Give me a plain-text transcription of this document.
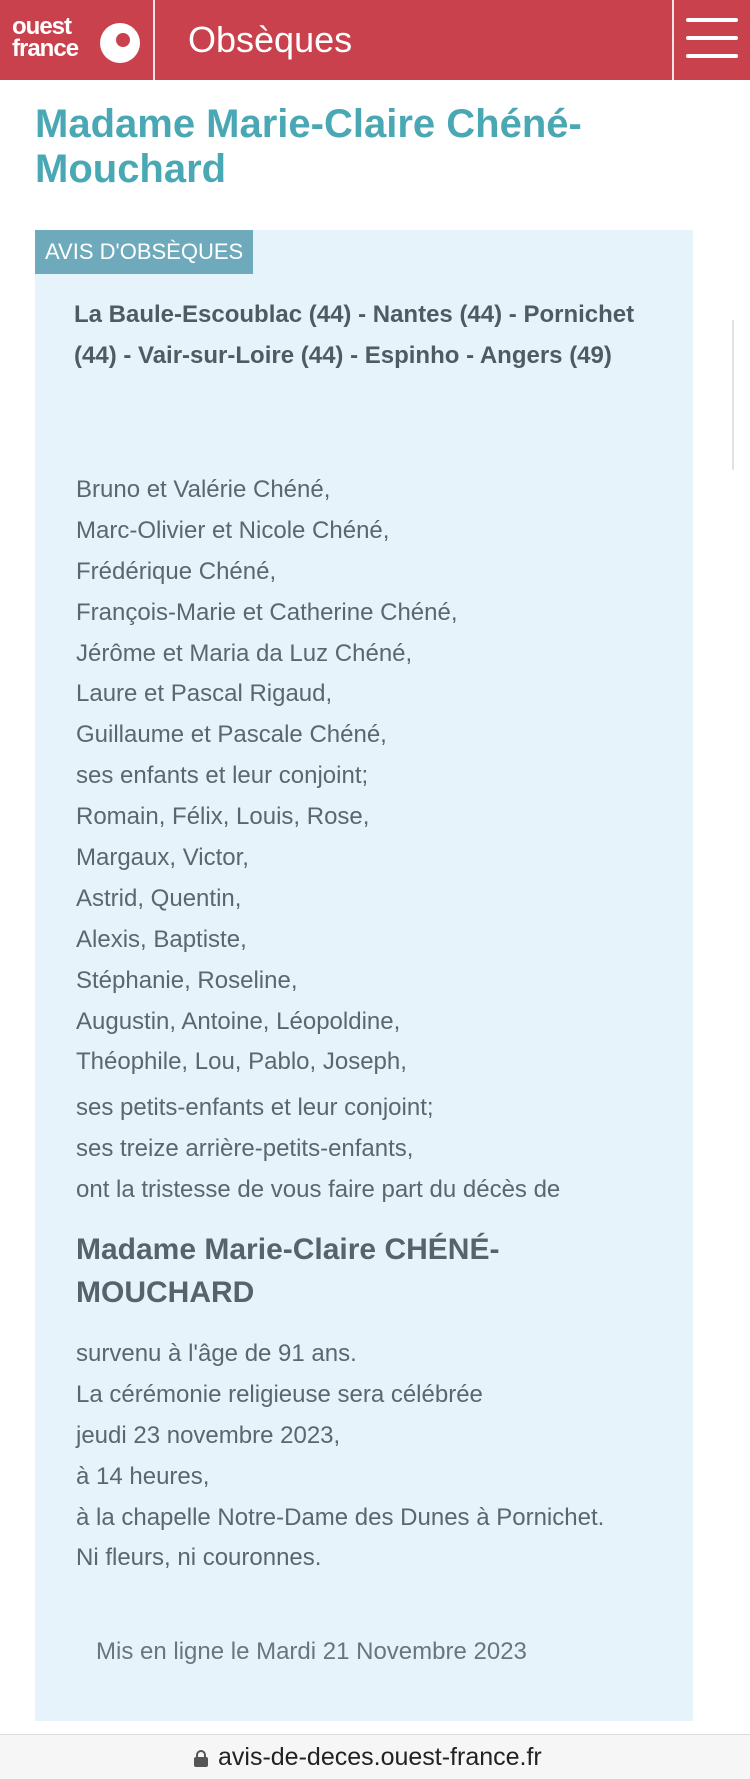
ouest
france	Obsèques
Madame Marie-Claire Chéné-Mouchard
AVIS D'OBSÈQUES
La Baule-Escoublac (44) - Nantes (44) - Pornichet (44) - Vair-sur-Loire (44) - Espinho - Angers (49)
Bruno et Valérie Chéné,
Marc-Olivier et Nicole Chéné,
Frédérique Chéné,
François-Marie et Catherine Chéné,
Jérôme et Maria da Luz Chéné,
Laure et Pascal Rigaud,
Guillaume et Pascale Chéné,
ses enfants et leur conjoint;
Romain, Félix, Louis, Rose,
Margaux, Victor,
Astrid, Quentin,
Alexis, Baptiste,
Stéphanie, Roseline,
Augustin, Antoine, Léopoldine,
Théophile, Lou, Pablo, Joseph,
ses petits-enfants et leur conjoint;
ses treize arrière-petits-enfants,
ont la tristesse de vous faire part du décès de
Madame Marie-Claire CHÉNÉ-MOUCHARD
survenu à l'âge de 91 ans.
La cérémonie religieuse sera célébrée
jeudi 23 novembre 2023,
à 14 heures,
à la chapelle Notre-Dame des Dunes à Pornichet.
Ni fleurs, ni couronnes.
Mis en ligne le Mardi 21 Novembre 2023
avis-de-deces.ouest-france.fr
